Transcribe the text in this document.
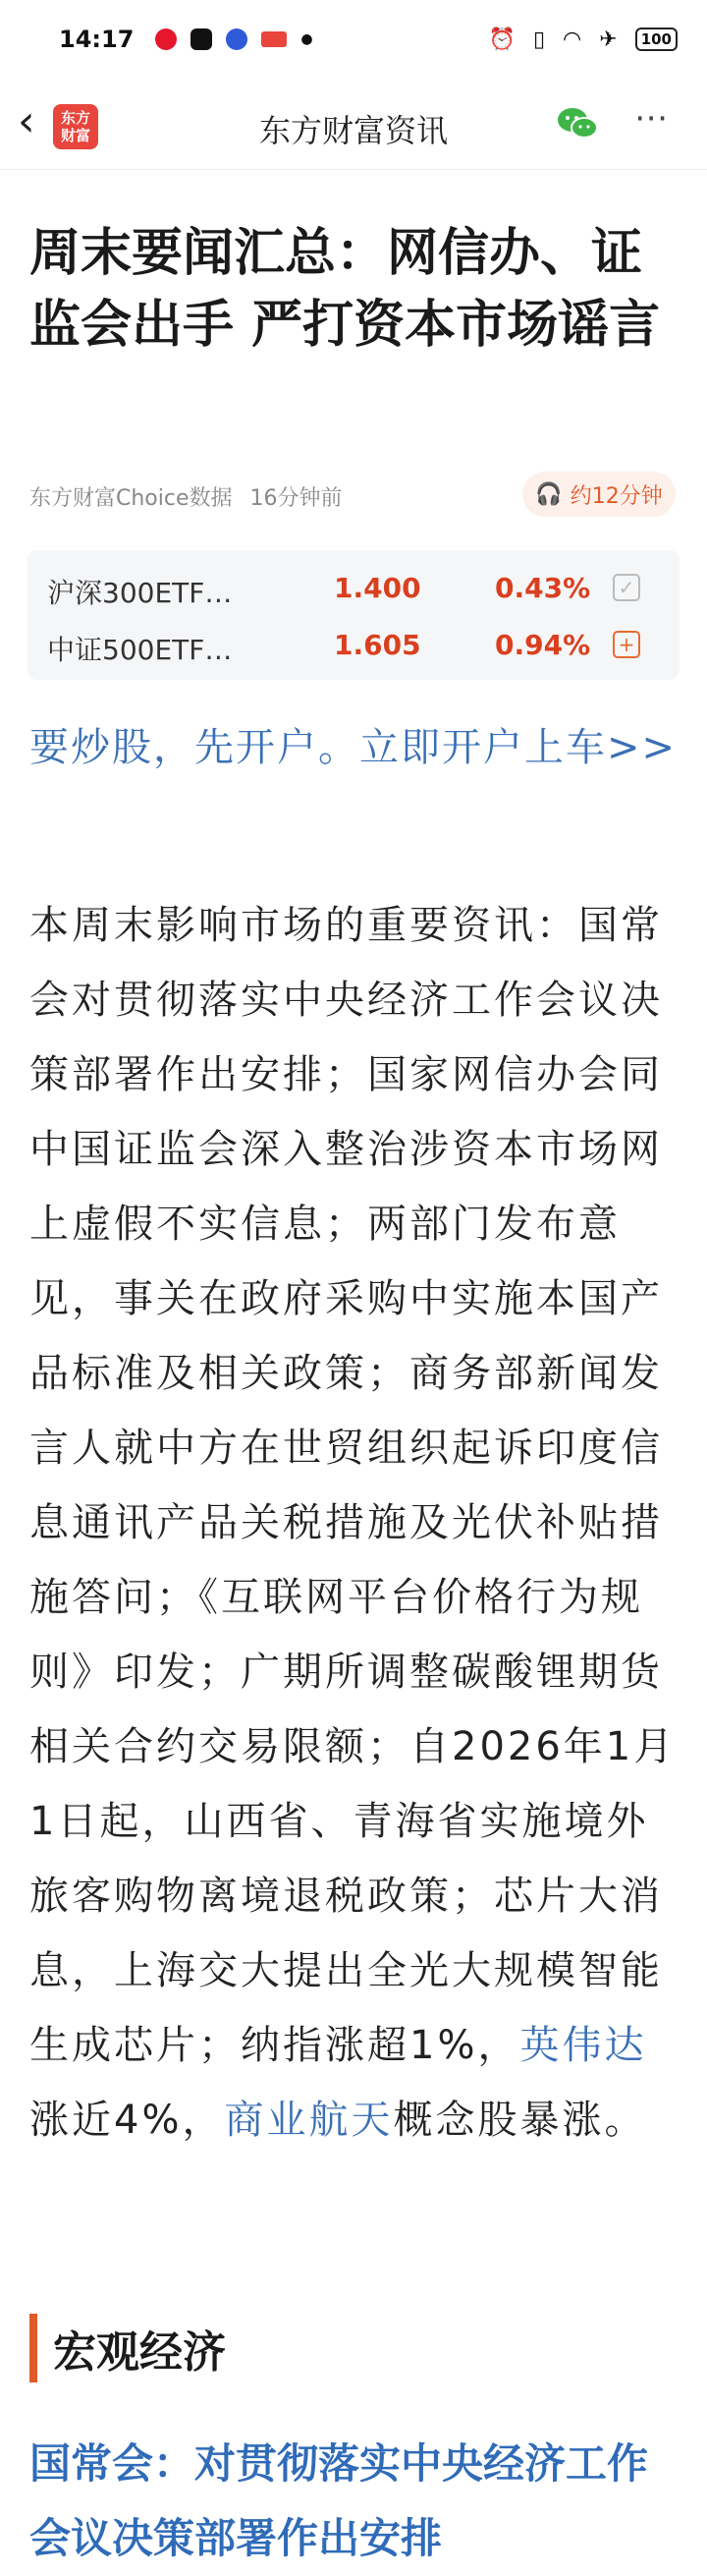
14:17	●	⏰ ▯ ◠ ✈	100
‹	东方
财富	东方财富资讯	⋯
周末要闻汇总：网信办、证监会出手 严打资本市场谣言
东方财富Choice数据 16分钟前	🎧 约12分钟
沪深300ETF…	1.400	0.43% ✓
中证500ETF…	1.605	0.94% +
要炒股，先开户。立即开户上车>>

本周末影响市场的重要资讯：国常会对贯彻落实中央经济工作会议决策部署作出安排；国家网信办会同中国证监会深入整治涉资本市场网上虚假不实信息；两部门发布意见，事关在政府采购中实施本国产品标准及相关政策；商务部新闻发言人就中方在世贸组织起诉印度信息通讯产品关税措施及光伏补贴措施答问；《互联网平台价格行为规则》印发；广期所调整碳酸锂期货相关合约交易限额；自2026年1月1日起，山西省、青海省实施境外旅客购物离境退税政策；芯片大消息，上海交大提出全光大规模智能生成芯片；纳指涨超1%，英伟达涨近4%，商业航天概念股暴涨。

宏观经济
国常会：对贯彻落实中央经济工作会议决策部署作出安排
